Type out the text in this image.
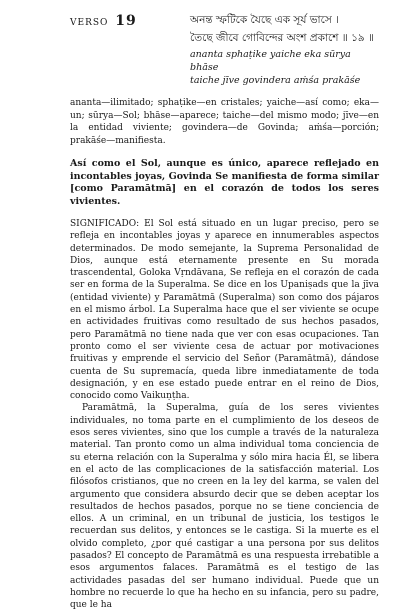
VERSO 19	অনন্ত স্ফটিকে যৈছে এক সূর্য ভাসে ।
তৈছে জীবে গোবিন্দের অংশ প্রকাশে ॥ ১৯ ॥
ananta sphaṭike yaiche eka sūrya bhāse
taiche jīve govindera aṁśa prakāśe
ananta—ilimitado; sphaṭike—en cristales; yaiche—así como; eka—un; sūrya—Sol; bhāse—aparece; taiche—del mismo modo; jīve—en la entidad viviente; govindera—de Govinda; aṁśa—porción; prakāśe—manifiesta.
Así como el Sol, aunque es único, aparece reflejado en incontables joyas, Govinda Se manifiesta de forma similar [como Paramātmā] en el corazón de todos los seres vivientes.

SIGNIFICADO: El Sol está situado en un lugar preciso, pero se refleja en incontables joyas y aparece en innumerables aspectos determinados. De modo semejante, la Suprema Personalidad de Dios, aunque está eternamente presente en Su morada trascendental, Goloka Vṛndāvana, Se refleja en el corazón de cada ser en forma de la Superalma. Se dice en los Upaniṣads que la jīva (entidad viviente) y Paramātmā (Superalma) son como dos pájaros en el mismo árbol. La Superalma hace que el ser viviente se ocupe en actividades fruitivas como resultado de sus hechos pasados, pero Paramātmā no tiene nada que ver con esas ocupaciones. Tan pronto como el ser viviente cesa de actuar por motivaciones fruitivas y emprende el servicio del Señor (Paramātmā), dándose cuenta de Su supremacía, queda libre inmediatamente de toda designación, y en ese estado puede entrar en el reino de Dios, conocido como Vaikuṇṭha.

Paramātmā, la Superalma, guía de los seres vivientes individuales, no toma parte en el cumplimiento de los deseos de esos seres vivientes, sino que los cumple a través de la naturaleza material. Tan pronto como un alma individual toma conciencia de su eterna relación con la Superalma y sólo mira hacia Él, se libera en el acto de las complicaciones de la satisfacción material. Los filósofos cristianos, que no creen en la ley del karma, se valen del argumento que considera absurdo decir que se deben aceptar los resultados de hechos pasados, porque no se tiene conciencia de ellos. A un criminal, en un tribunal de justicia, los testigos le recuerdan sus delitos, y entonces se le castiga. Si la muerte es el olvido completo, ¿por qué castigar a una persona por sus delitos pasados? El concepto de Paramātmā es una respuesta irrebatible a esos argumentos falaces. Paramātmā es el testigo de las actividades pasadas del ser humano individual. Puede que un hombre no recuerde lo que ha hecho en su infancia, pero su padre, que le ha
